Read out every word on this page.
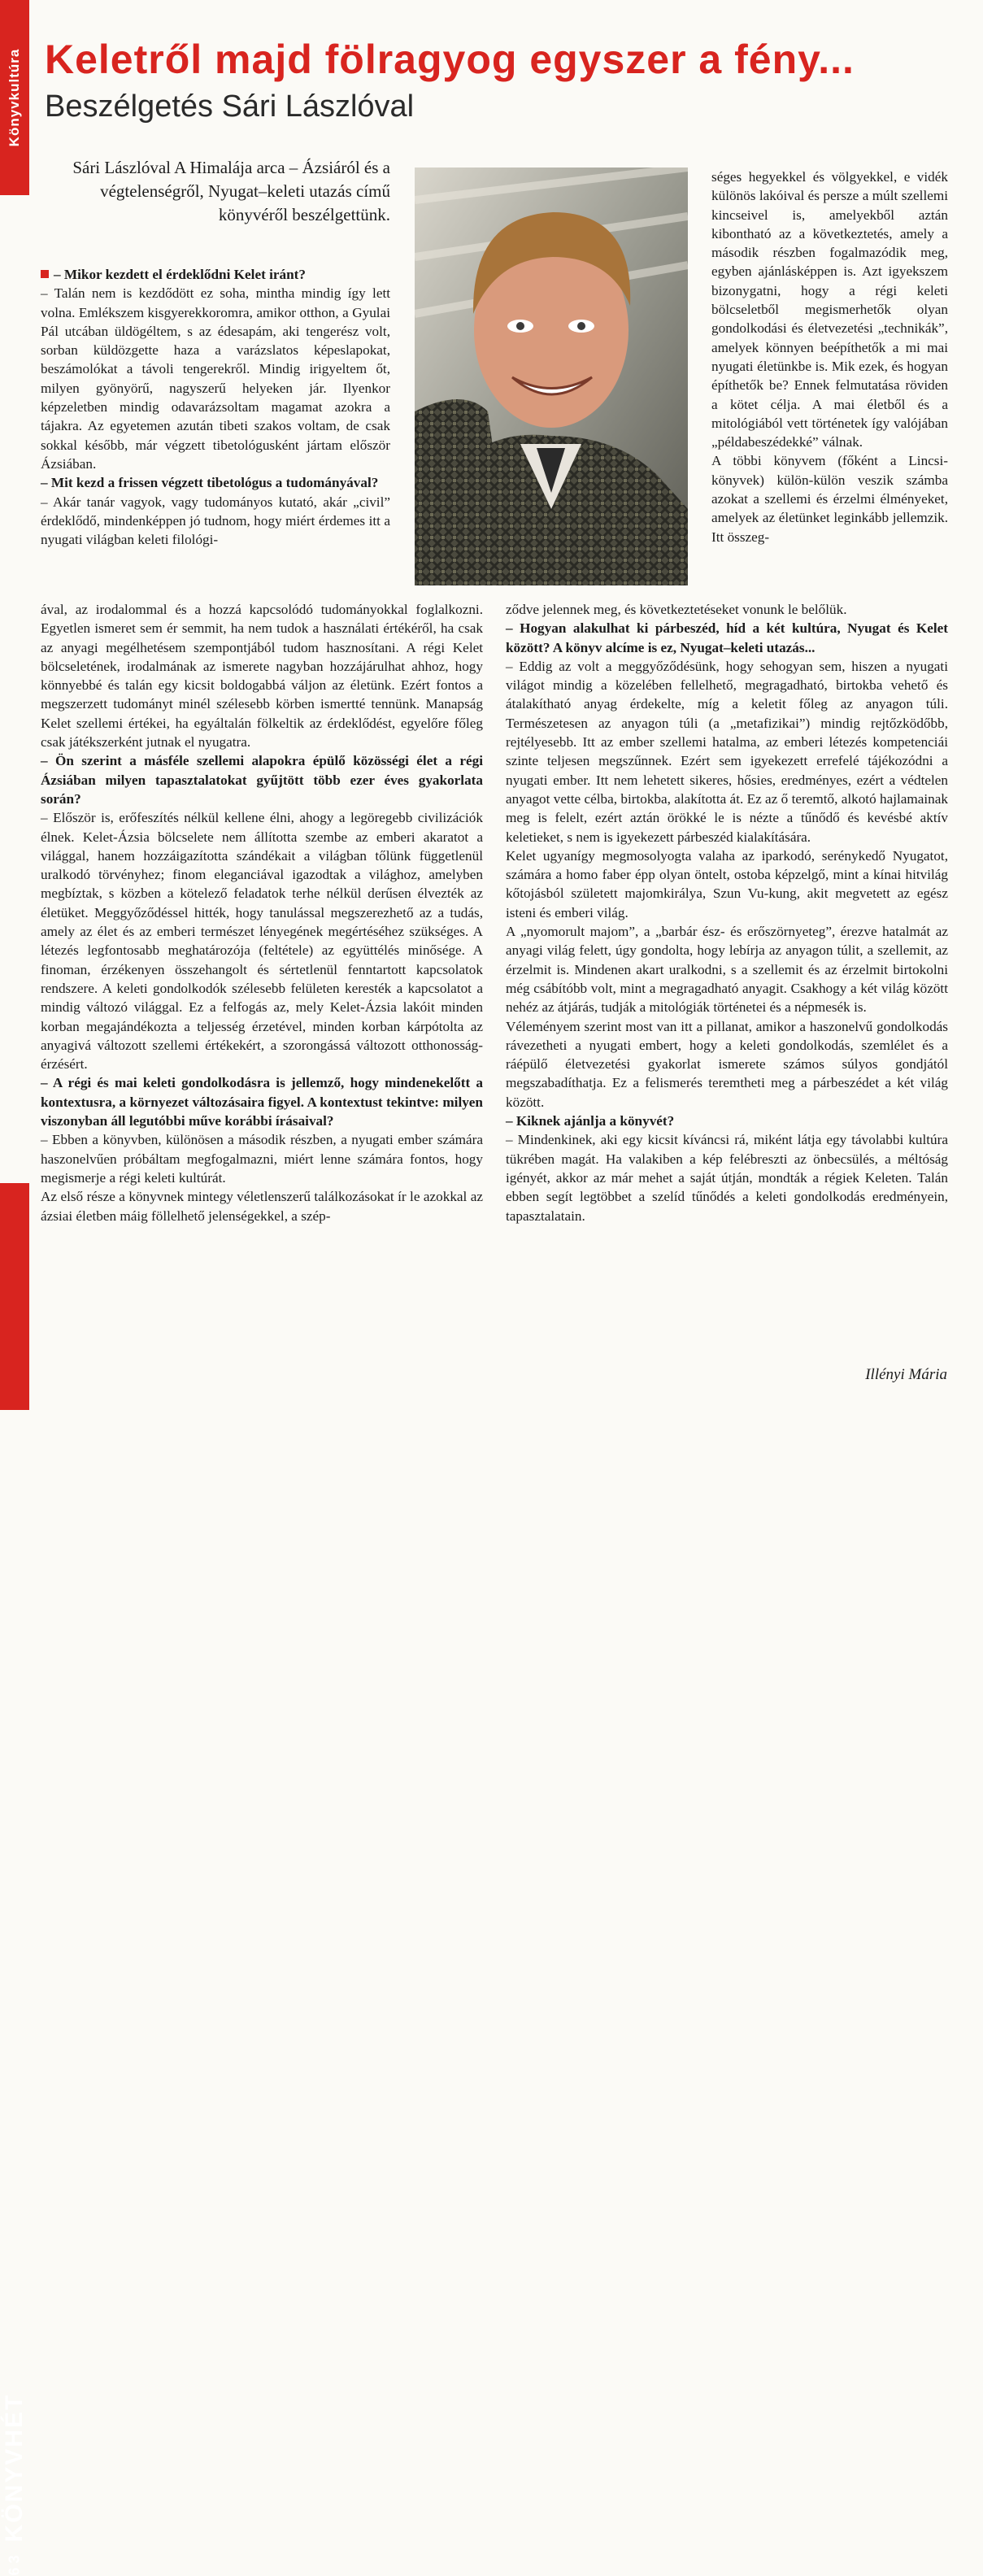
Könyvkultúra
KÖNYVHÉT
6 3
Keletről majd fölragyog egyszer a fény...
Beszélgetés Sári Lászlóval

Sári Lászlóval A Himalája arca – Ázsiáról és a végtelenségről, Nyugat–keleti utazás című könyvéről beszélgettünk.

– Mikor kezdett el érdeklődni Kelet iránt?

– Talán nem is kezdődött ez soha, mintha mindig így lett volna. Emlékszem kisgyerekkoromra, amikor otthon, a Gyulai Pál utcában üldögéltem, s az édesapám, aki tengerész volt, sorban küldözgette haza a varázslatos képeslapokat, beszámolókat a távoli tengerekről. Mindig irigyeltem őt, milyen gyönyörű, nagyszerű helyeken jár. Ilyenkor képzeletben mindig odavarázsoltam magamat azokra a tájakra. Az egyetemen azután tibeti szakos voltam, de csak sokkal később, már végzett tibetológusként jártam először Ázsiában.

– Mit kezd a frissen végzett tibetológus a tudományával?

– Akár tanár vagyok, vagy tudományos kutató, akár „civil” érdeklődő, mindenképpen jó tudnom, hogy miért érdemes itt a nyugati világban keleti filológi-

ával, az irodalommal és a hozzá kapcsolódó tudományokkal foglalkozni. Egyetlen ismeret sem ér semmit, ha nem tudok a használati értékéről, ha csak az anyagi megélhetésem szempontjából tudom hasznosítani. A régi Kelet bölcseletének, irodalmának az ismerete nagyban hozzájárulhat ahhoz, hogy könnyebbé és talán egy kicsit boldogabbá váljon az életünk. Ezért fontos a megszerzett tudományt minél szélesebb körben ismertté tennünk. Manapság Kelet szellemi értékei, ha egyáltalán fölkeltik az érdeklődést, egyelőre főleg csak játékszerként jutnak el nyugatra.

– Ön szerint a másféle szellemi alapokra épülő közösségi élet a régi Ázsiában milyen tapasztalatokat gyűjtött több ezer éves gyakorlata során?

– Először is, erőfeszítés nélkül kellene élni, ahogy a legöregebb civilizációk élnek. Kelet-Ázsia bölcselete nem állította szembe az emberi akaratot a világgal, hanem hozzáigazította szándékait a világban tőlünk függetlenül uralkodó törvényhez; finom eleganciával igazodtak a világhoz, amelyben megbíztak, s közben a kötelező feladatok terhe nélkül derűsen élvezték az életüket. Meggyőződéssel hitték, hogy tanulással megszerezhető az a tudás, amely az élet és az emberi természet lényegének megértéséhez szükséges. A létezés legfontosabb meghatározója (feltétele) az együttélés minősége. A finoman, érzékenyen összehangolt és sértetlenül fenntartott kapcsolatok rendszere. A keleti gondolkodók szélesebb felületen keresték a kapcsolatot a mindig változó világgal. Ez a felfogás az, mely Kelet-Ázsia lakóit minden korban megajándékozta a teljesség érzetével, minden korban kárpótolta az anyagivá változott szellemi értékekért, a szorongássá változott otthonosság-érzésért.

– A régi és mai keleti gondolkodásra is jellemző, hogy mindenekelőtt a kontextusra, a környezet változásaira figyel. A kontextust tekintve: milyen viszonyban áll legutóbbi műve korábbi írásaival?

– Ebben a könyvben, különösen a második részben, a nyugati ember számára haszonelvűen próbáltam megfogalmazni, miért lenne számára fontos, hogy megismerje a régi keleti kultúrát.

Az első része a könyvnek mintegy véletlenszerű találkozásokat ír le azokkal az ázsiai életben máig föllelhető jelenségekkel, a szép-

séges hegyekkel és völgyekkel, e vidék különös lakóival és persze a múlt szellemi kincseivel is, amelyekből aztán kibontható az a következtetés, amely a második részben fogalmazódik meg, egyben ajánlásképpen is. Azt igyekszem bizonygatni, hogy a régi keleti bölcseletből megismerhetők olyan gondolkodási és életvezetési „technikák”, amelyek könnyen beépíthetők a mi mai nyugati életünkbe is. Mik ezek, és hogyan építhetők be? Ennek felmutatása röviden a kötet célja. A mai életből és a mitológiából vett történetek így valójában „példabeszédekké” válnak.

A többi könyvem (főként a Lincsi-könyvek) külön-külön veszik számba azokat a szellemi és érzelmi élményeket, amelyek az életünket leginkább jellemzik. Itt összeg-

ződve jelennek meg, és következtetéseket vonunk le belőlük.

– Hogyan alakulhat ki párbeszéd, híd a két kultúra, Nyugat és Kelet között? A könyv alcíme is ez, Nyugat–keleti utazás...

– Eddig az volt a meggyőződésünk, hogy sehogyan sem, hiszen a nyugati világot mindig a közelében fellelhető, megragadható, birtokba vehető és átalakítható anyag érdekelte, míg a keletit főleg az anyagon túli. Természetesen az anyagon túli (a „metafizikai”) mindig rejtőzködőbb, rejtélyesebb. Itt az ember szellemi hatalma, az emberi létezés kompetenciái szinte teljesen megszűnnek. Ezért sem igyekezett errefelé tájékozódni a nyugati ember. Itt nem lehetett sikeres, hősies, eredményes, ezért a védtelen anyagot vette célba, birtokba, alakította át. Ez az ő teremtő, alkotó hajlamainak meg is felelt, ezért aztán örökké le is nézte a tűnődő és kevésbé aktív keletieket, s nem is igyekezett párbeszéd kialakítására.

Kelet ugyanígy megmosolyogta valaha az iparkodó, serénykedő Nyugatot, számára a homo faber épp olyan öntelt, ostoba képzelgő, mint a kínai hitvilág kőtojásból született majomkirálya, Szun Vu-kung, akit megvetett az egész isteni és emberi világ.

A „nyomorult majom”, a „barbár ész- és erőszörnyeteg”, érezve hatalmát az anyagi világ felett, úgy gondolta, hogy lebírja az anyagon túlit, a szellemit, az érzelmit is. Mindenen akart uralkodni, s a szellemit és az érzelmit birtokolni még csábítóbb volt, mint a megragadható anyagit. Csakhogy a két világ között nehéz az átjárás, tudják a mitológiák történetei és a népmesék is.

Véleményem szerint most van itt a pillanat, amikor a haszonelvű gondolkodás rávezetheti a nyugati embert, hogy a keleti gondolkodás, szemlélet és a ráépülő életvezetési gyakorlat ismerete számos súlyos gondjától megszabadíthatja. Ez a felismerés teremtheti meg a párbeszédet a két világ között.

– Kiknek ajánlja a könyvét?

– Mindenkinek, aki egy kicsit kíváncsi rá, miként látja egy távolabbi kultúra tükrében magát. Ha valakiben a kép felébreszti az önbecsülés, a méltóság igényét, akkor az már mehet a saját útján, mondták a régiek Keleten. Talán ebben segít legtöbbet a szelíd tűnődés a keleti gondolkodás eredményein, tapasztalatain.

Illényi Mária
